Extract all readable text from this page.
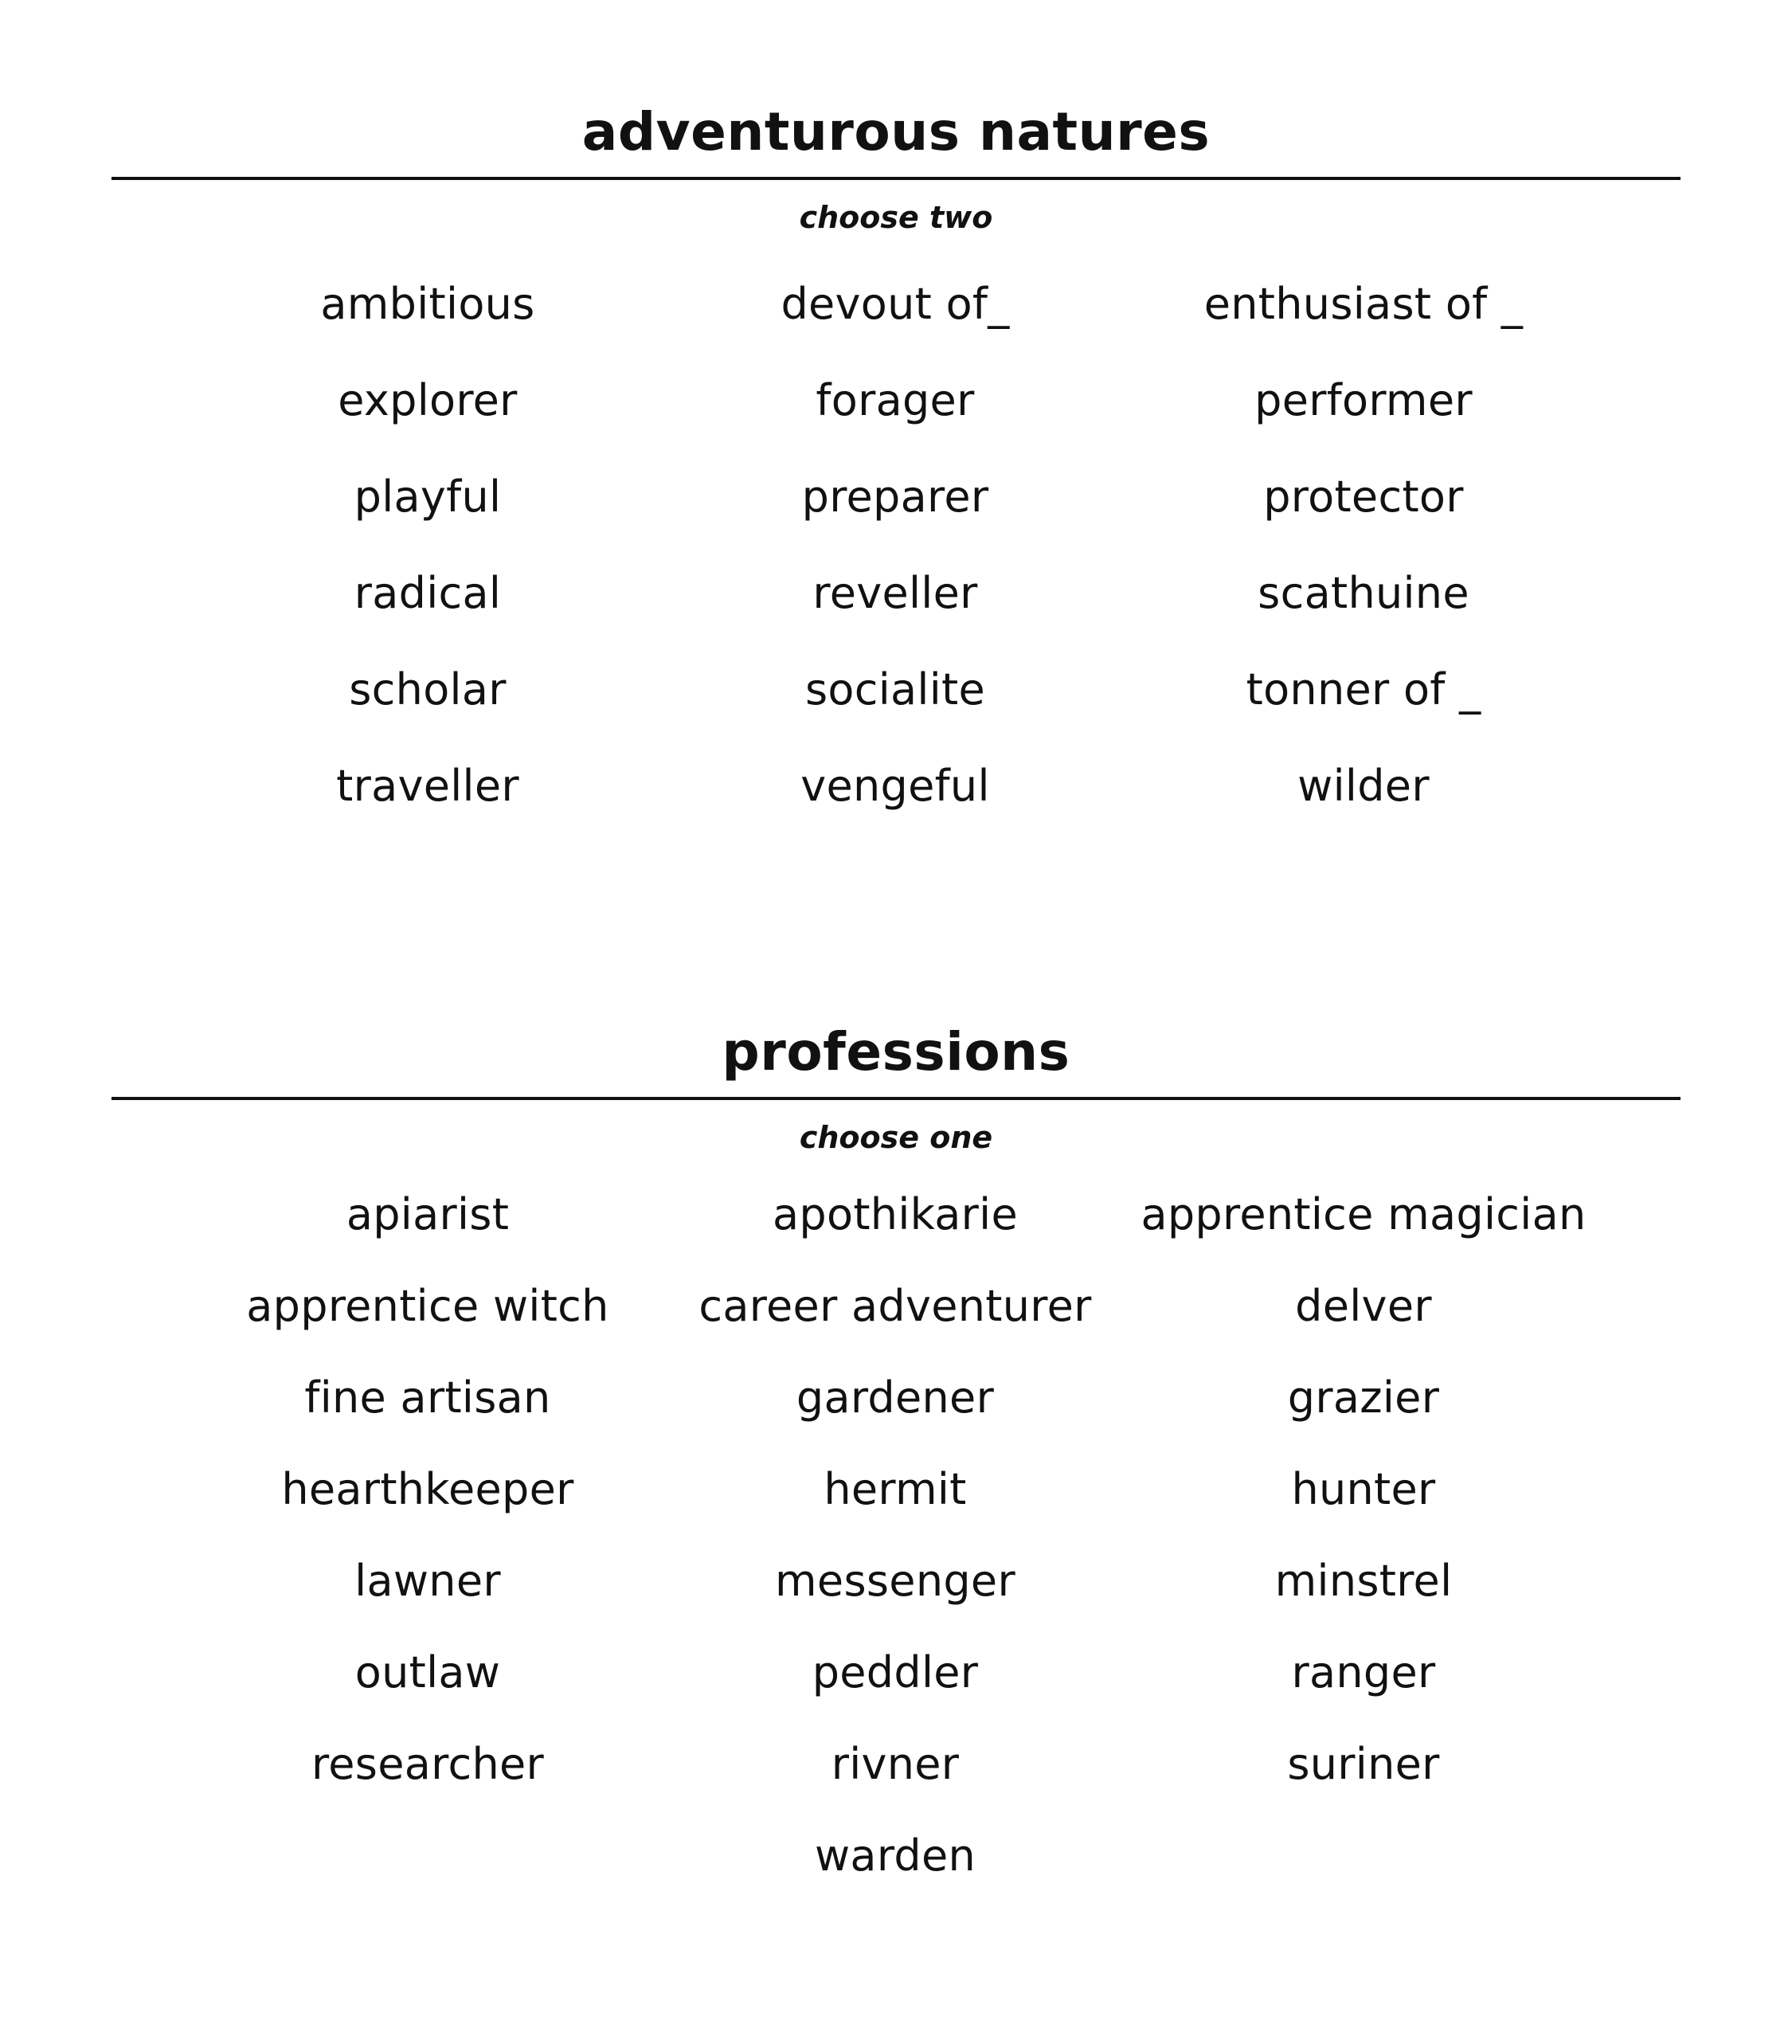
adventurous natures
choose two
ambitious	devout of_	enthusiast of _
explorer	forager	performer
playful	preparer	protector
radical	reveller	scathuine
scholar	socialite	tonner of _
traveller	vengeful	wilder
professions
choose one
apiarist	apothikarie	apprentice magician
apprentice witch	career adventurer	delver
fine artisan	gardener	grazier
hearthkeeper	hermit	hunter
lawner	messenger	minstrel
outlaw	peddler	ranger
researcher	rivner	suriner
warden
